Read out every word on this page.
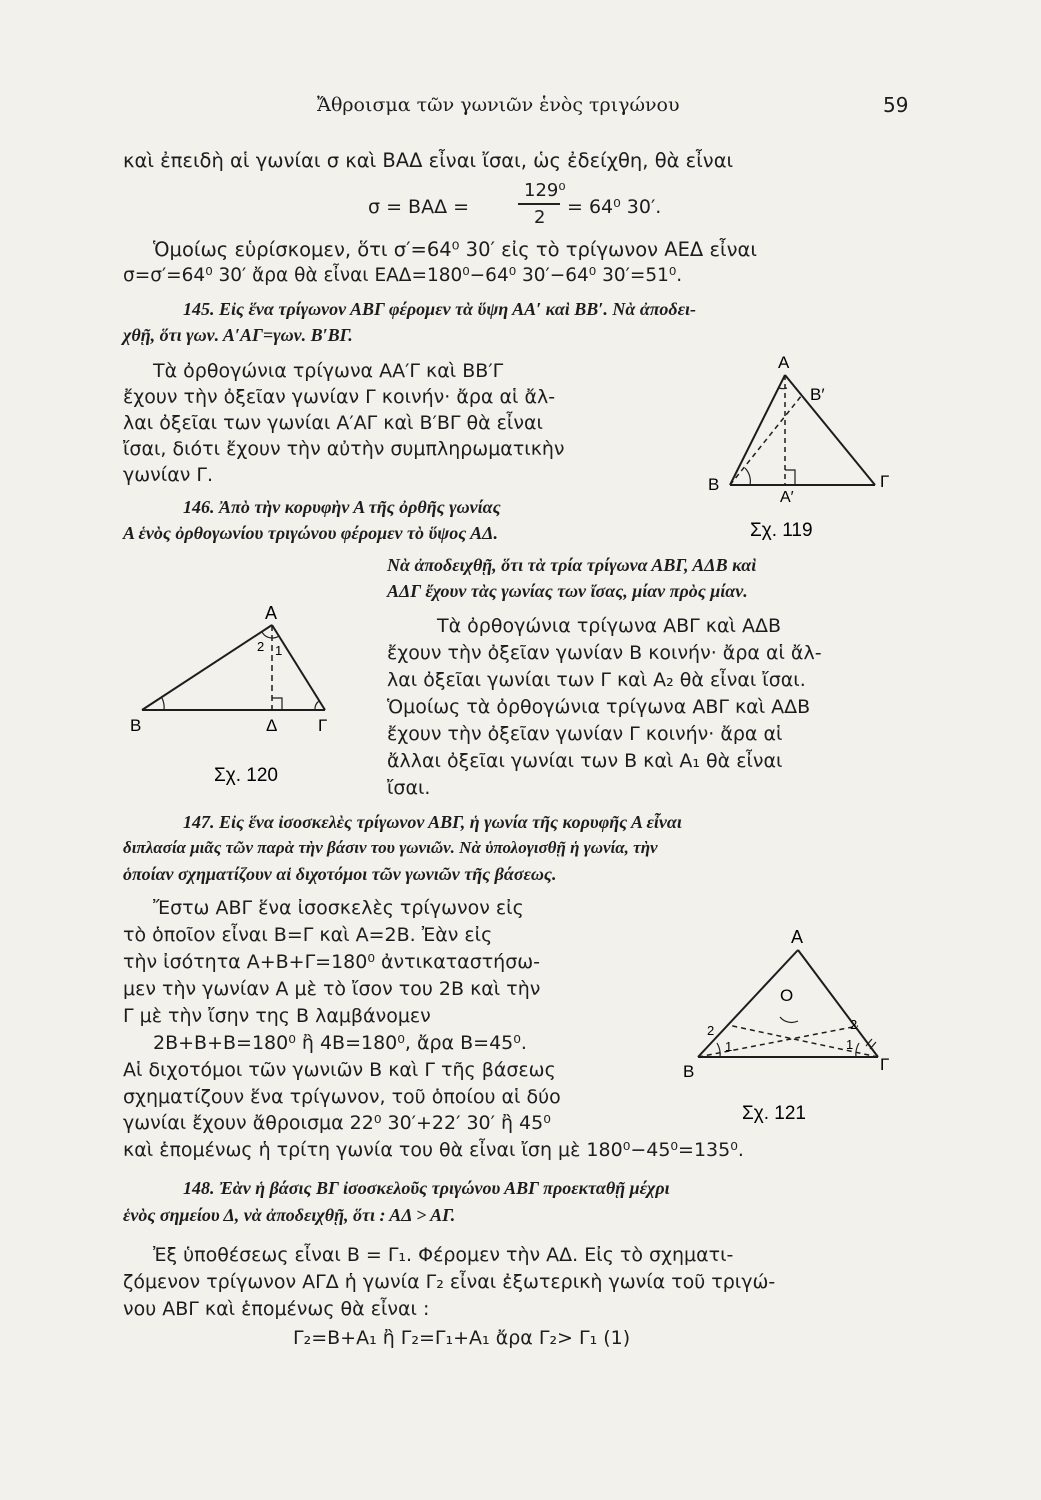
Ἄθροισμα τῶν γωνιῶν ἑνὸς τριγώνου	59
καὶ ἐπειδὴ αἱ γωνίαι σ καὶ ΒΑΔ εἶναι ἴσαι, ὡς ἐδείχθη, θὰ εἶναι
σ = ΒΑΔ =
129⁰
2 = 64⁰ 30′.
Ὁμοίως εὑρίσκομεν, ὅτι σ′=64⁰ 30′ εἰς τὸ τρίγωνον ΑΕΔ εἶναι
σ=σ′=64⁰ 30′ ἄρα θὰ εἶναι ΕΑΔ=180⁰−64⁰ 30′−64⁰ 30′=51⁰.
145. Εἰς ἕνα τρίγωνον ΑΒΓ φέρομεν τὰ ὕψη ΑΑ′ καὶ ΒΒ′. Νὰ ἀποδει-
χθῇ, ὅτι γων. Α′ΑΓ=γων. Β′ΒΓ.
Τὰ ὀρθογώνια τρίγωνα ΑΑ′Γ καὶ ΒΒ′Γ
ἔχουν τὴν ὀξεῖαν γωνίαν Γ κοινήν· ἄρα αἱ ἄλ-
λαι ὀξεῖαι των γωνίαι Α′ΑΓ καὶ Β′ΒΓ θὰ εἶναι
ἴσαι, διότι ἔχουν τὴν αὐτὴν συμπληρωματικὴν
γωνίαν Γ.
Α
Β′
Β
Α′
Γ
Σχ. 119
146. Ἀπὸ τὴν κορυφὴν Α τῆς ὀρθῆς γωνίας
Α ἑνὸς ὀρθογωνίου τριγώνου φέρομεν τὸ ὕψος ΑΔ.
Νὰ ἀποδειχθῇ, ὅτι τὰ τρία τρίγωνα ΑΒΓ, ΑΔΒ καὶ
ΑΔΓ ἔχουν τὰς γωνίας των ἴσας, μίαν πρὸς μίαν.
Τὰ ὀρθογώνια τρίγωνα ΑΒΓ καὶ ΑΔΒ
ἔχουν τὴν ὀξεῖαν γωνίαν Β κοινήν· ἄρα αἱ ἄλ-
λαι ὀξεῖαι γωνίαι των Γ καὶ Α₂ θὰ εἶναι ἴσαι.
Ὁμοίως τὰ ὀρθογώνια τρίγωνα ΑΒΓ καὶ ΑΔΒ
ἔχουν τὴν ὀξεῖαν γωνίαν Γ κοινήν· ἄρα αἱ
ἄλλαι ὀξεῖαι γωνίαι των Β καὶ Α₁ θὰ εἶναι
ἴσαι.
Α
2 1
Β	Δ Γ
Σχ. 120
147. Εἰς ἕνα ἰσοσκελὲς τρίγωνον ΑΒΓ, ἡ γωνία τῆς κορυφῆς Α εἶναι
διπλασία μιᾶς τῶν παρὰ τὴν βάσιν του γωνιῶν. Νὰ ὑπολογισθῇ ἡ γωνία, τὴν
ὁποίαν σχηματίζουν αἱ διχοτόμοι τῶν γωνιῶν τῆς βάσεως.
Ἔστω ΑΒΓ ἕνα ἰσοσκελὲς τρίγωνον εἰς
τὸ ὁποῖον εἶναι Β=Γ καὶ Α=2Β. Ἐὰν εἰς
τὴν ἰσότητα Α+Β+Γ=180⁰ ἀντικαταστήσω-
μεν τὴν γωνίαν Α μὲ τὸ ἴσον του 2Β καὶ τὴν
Γ μὲ τὴν ἴσην της Β λαμβάνομεν
2Β+Β+Β=180⁰ ἢ 4Β=180⁰, ἄρα Β=45⁰.
Αἱ διχοτόμοι τῶν γωνιῶν Β καὶ Γ τῆς βάσεως
σχηματίζουν ἕνα τρίγωνον, τοῦ ὁποίου αἱ δύο
γωνίαι ἔχουν ἄθροισμα 22⁰ 30′+22′ 30′ ἢ 45⁰
καὶ ἑπομένως ἡ τρίτη γωνία του θὰ εἶναι ἴση μὲ 180⁰−45⁰=135⁰.
Α
Ο
2
1
2
1
Β	Γ
Σχ. 121
148. Ἐὰν ἡ βάσις ΒΓ ἰσοσκελοῦς τριγώνου ΑΒΓ προεκταθῇ μέχρι
ἑνὸς σημείου Δ, νὰ ἀποδειχθῇ, ὅτι : ΑΔ > ΑΓ.
Ἐξ ὑποθέσεως εἶναι Β = Γ₁. Φέρομεν τὴν ΑΔ. Εἰς τὸ σχηματι-
ζόμενον τρίγωνον ΑΓΔ ἡ γωνία Γ₂ εἶναι ἐξωτερικὴ γωνία τοῦ τριγώ-
νου ΑΒΓ καὶ ἑπομένως θὰ εἶναι :
Γ₂=Β+Α₁ ἢ Γ₂=Γ₁+Α₁ ἄρα Γ₂> Γ₁ (1)
